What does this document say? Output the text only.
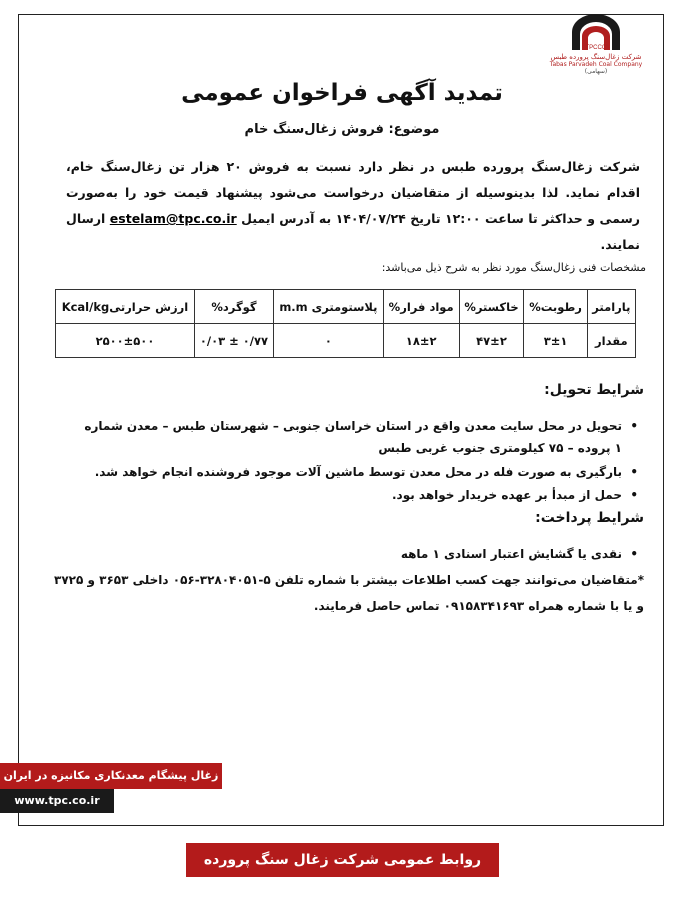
TPCCO
شرکت زغال‌سنگ پرورده طبس
Tabas Parvadeh Coal Company
(سهامی)
تمدید آگهی فراخوان عمومی
موضوع: فروش زغال‌سنگ خام
شرکت زغال‌سنگ پرورده طبس در نظر دارد نسبت به فروش ۲۰ هزار تن زغال‌سنگ خام، اقدام نماید. لذا بدینوسیله از متقاضیان درخواست می‌شود پیشنهاد قیمت خود را به‌صورت رسمی و حداکثر تا ساعت ۱۲:۰۰ تاریخ ۱۴۰۴/۰۷/۲۴ به آدرس ایمیل estelam@tpc.co.ir ارسال نمایند.
مشخصات فنی زغال‌سنگ مورد نظر به شرح ذیل می‌باشد:
پارامتر	رطوبت%	خاکستر%	مواد فرار%	پلاستومتری m.m	گوگرد%	ارزش حرارتیKcal/kg
مقدار	۳±۱	۴۷±۲	۱۸±۲	۰	۰/۷۷ ± ۰/۰۳	۲۵۰۰±۵۰۰
شرایط تحویل:
•
تحویل در محل سایت معدن واقع در استان خراسان جنوبی – شهرستان طبس – معدن شماره ۱ پروده – ۷۵ کیلومتری جنوب غربی طبس
•
بارگیری به صورت فله در محل معدن توسط ماشین آلات موجود فروشنده انجام خواهد شد.
•
حمل از مبدأ بر عهده خریدار خواهد بود.
شرایط پرداخت:
•
نقدی یا گشایش اعتبار اسنادی ۱ ماهه
*متقاضیان می‌توانند جهت کسب اطلاعات بیشتر با شماره تلفن ۵-۳۲۸۰۴۰۵۱-۰۵۶ داخلی ۳۶۵۳ و ۳۷۲۵ و یا با شماره همراه ۰۹۱۵۸۳۴۱۶۹۳ تماس حاصل فرمایند.
زغال پیشگام معدنکاری مکانیزه در ایران
www.tpc.co.ir
روابط عمومی شرکت زغال سنگ پرورده طبس
